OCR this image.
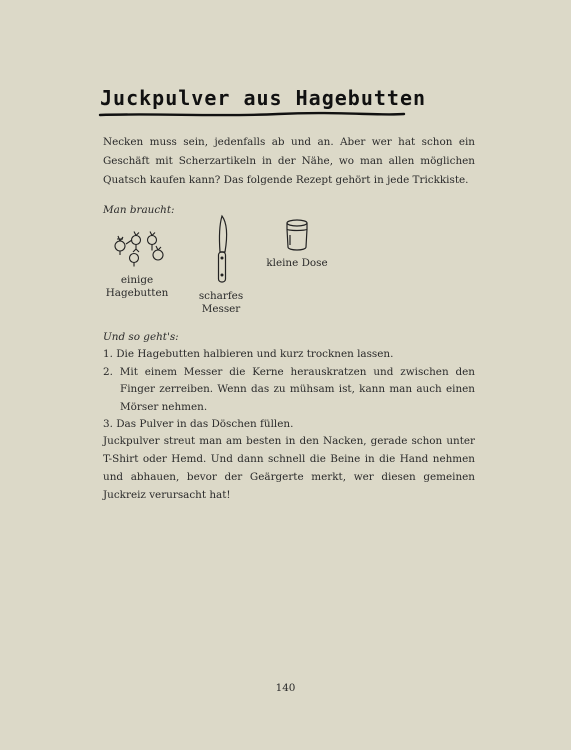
Juckpulver aus Hagebutten

Necken muss sein, jedenfalls ab und an. Aber wer hat schon ein Geschäft mit Scherzartikeln in der Nähe, wo man allen möglichen Quatsch kaufen kann? Das folgende Rezept gehört in jede Trickkiste.

Man braucht:
einige
Hagebutten	scharfes
Messer
kleine Dose
Und so geht's:
1. Die Hagebutten halbieren und kurz trocknen lassen.
2. Mit einem Messer die Kerne herauskratzen und zwischen den Finger zerreiben. Wenn das zu mühsam ist, kann man auch einen Mörser nehmen.
3. Das Pulver in das Döschen füllen.

Juckpulver streut man am besten in den Nacken, gerade schon unter T-Shirt oder Hemd. Und dann schnell die Beine in die Hand nehmen und abhauen, bevor der Geärgerte merkt, wer diesen gemeinen Juckreiz verursacht hat!

140
